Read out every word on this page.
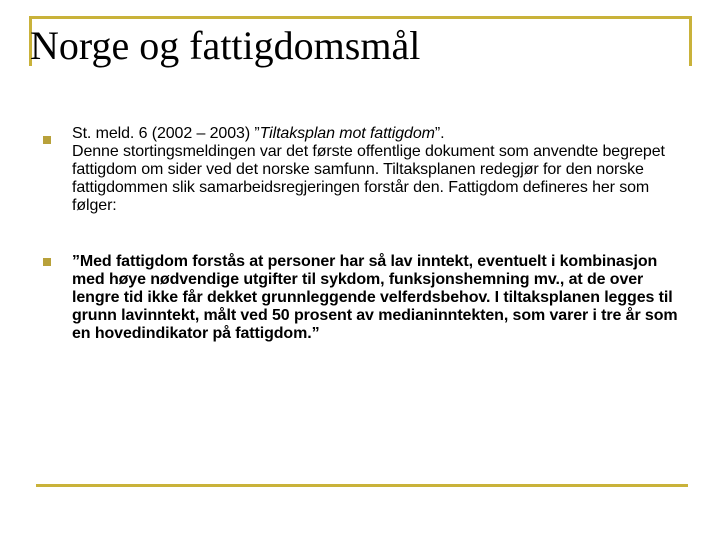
Norge og fattigdomsmål

St. meld. 6 (2002 – 2003) ”Tiltaksplan mot fattigdom”.

Denne stortingsmeldingen var det første offentlige dokument som anvendte begrepet fattigdom om sider ved det norske samfunn. Tiltaksplanen redegjør for den norske fattigdommen slik samarbeidsregjeringen forstår den. Fattigdom defineres her som følger:

”Med fattigdom forstås at personer har så lav inntekt, eventuelt i kombinasjon med høye nødvendige utgifter til sykdom, funksjonshemning mv., at de over lengre tid ikke får dekket grunnleggende velferdsbehov. I tiltaksplanen legges til grunn lavinntekt, målt ved 50 prosent av medianinntekten, som varer i tre år som en hovedindikator på fattigdom.”
